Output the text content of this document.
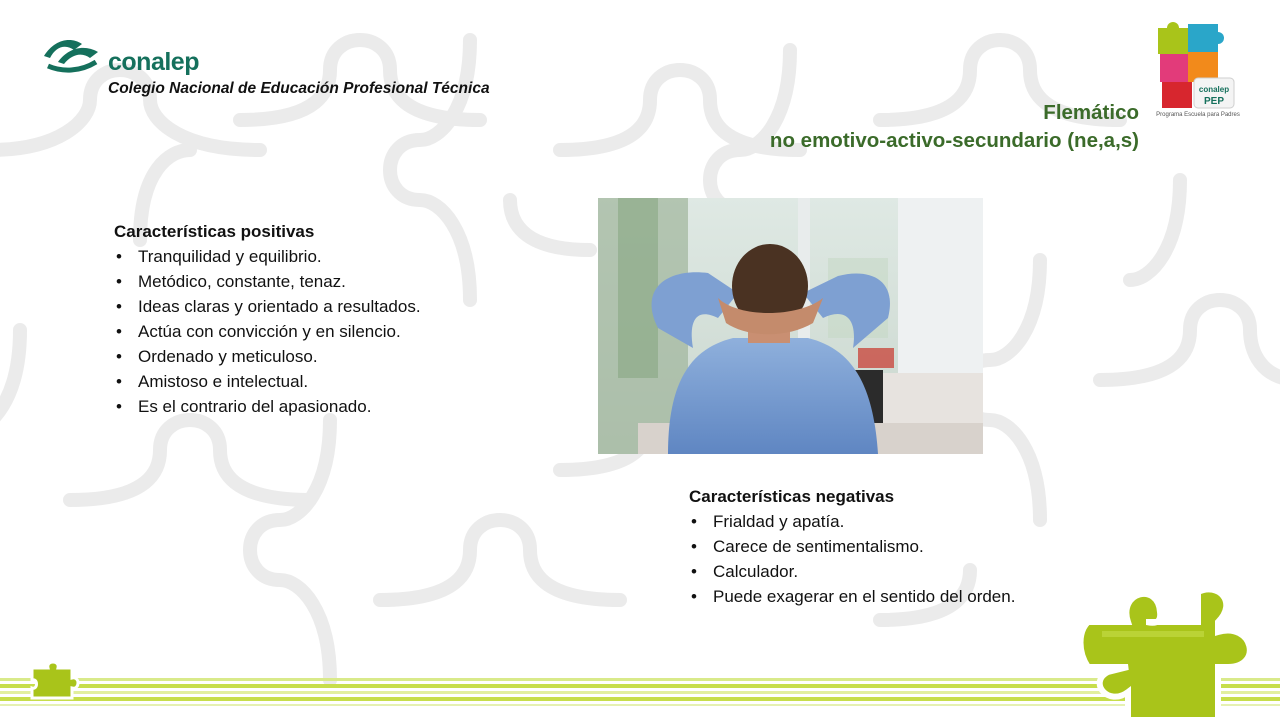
conalep
Colegio Nacional de Educación Profesional Técnica	conalep
PEP
Programa Escuela para Padres
Flemático
no emotivo-activo-secundario (ne,a,s)

Características positivas

• Tranquilidad y equilibrio.
• Metódico, constante, tenaz.
• Ideas claras y orientado a resultados.
• Actúa con convicción y en silencio.
• Ordenado y meticuloso.
• Amistoso e intelectual.
• Es el contrario del apasionado.

Características negativas

• Frialdad y apatía.
• Carece de sentimentalismo.
• Calculador.
• Puede exagerar en el sentido del orden.
